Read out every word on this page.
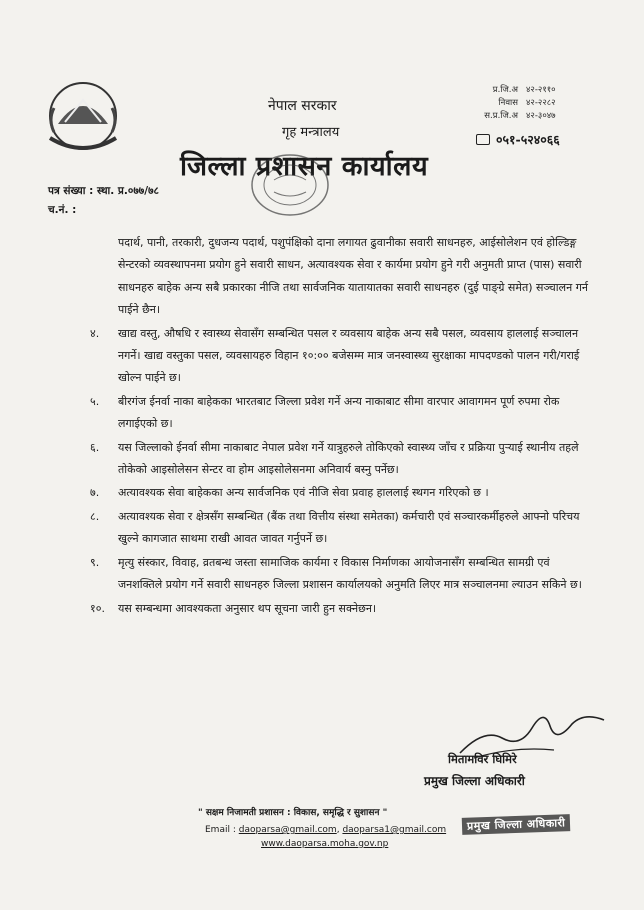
नेपाल सरकार
गृह मन्त्रालय
जिल्ला प्रशासन कार्यालय
प्र.जि.अ ४२-२११०
निवास ४२-२२८२
स.प्र.जि.अ ४२-३०४७
०५१-५२४०६६
पत्र संख्या : स्था. प्र.०७७/७८
च.नं. :

पदार्थ, पानी, तरकारी, दुधजन्य पदार्थ, पशुपंक्षिको दाना लगायत ढुवानीका सवारी साधनहरु, आईसोलेशन एवं होल्डिङ्ग सेन्टरको व्यवस्थापनमा प्रयोग हुने सवारी साधन, अत्यावश्यक सेवा र कार्यमा प्रयोग हुने गरी अनुमती प्राप्त (पास) सवारी साधनहरु बाहेक अन्य सबै प्रकारका नीजि तथा सार्वजनिक यातायातका सवारी साधनहरु (दुई पाङ्ग्रे समेत) सञ्चालन गर्न पाईने छैन।

४.	खाद्य वस्तु, औषधि र स्वास्थ्य सेवासँग सम्बन्धित पसल र व्यवसाय बाहेक अन्य सबै पसल, व्यवसाय हाललाई सञ्चालन नगर्ने। खाद्य वस्तुका पसल, व्यवसायहरु विहान १०:०० बजेसम्म मात्र जनस्वास्थ्य सुरक्षाका मापदण्डको पालन गरी/गराई खोल्न पाईने छ।
५.	बीरगंज ईनर्वा नाका बाहेकका भारतबाट जिल्ला प्रवेश गर्ने अन्य नाकाबाट सीमा वारपार आवागमन पूर्ण रुपमा रोक लगाईएको छ।
६.	यस जिल्लाको ईनर्वा सीमा नाकाबाट नेपाल प्रवेश गर्ने यात्रुहरुले तोकिएको स्वास्थ्य जाँच र प्रक्रिया पुऱ्याई स्थानीय तहले तोकेको आइसोलेसन सेन्टर वा होम आइसोलेसनमा अनिवार्य बस्नु पर्नेछ।
७.	अत्यावश्यक सेवा बाहेकका अन्य सार्वजनिक एवं नीजि सेवा प्रवाह हाललाई स्थगन गरिएको छ ।
८.	अत्यावश्यक सेवा र क्षेत्रसँग सम्बन्धित (बैंक तथा वित्तीय संस्था समेतका) कर्मचारी एवं सञ्चारकर्मीहरुले आफ्नो परिचय खुल्ने कागजात साथमा राखी आवत जावत गर्नुपर्ने छ।
९.	मृत्यु संस्कार, विवाह, व्रतबन्ध जस्ता सामाजिक कार्यमा र विकास निर्माणका आयोजनासँग सम्बन्धित सामग्री एवं जनशक्तिले प्रयोग गर्ने सवारी साधनहरु जिल्ला प्रशासन कार्यालयको अनुमति लिएर मात्र सञ्चालनमा ल्याउन सकिने छ।
१०.	यस सम्बन्धमा आवश्यकता अनुसार थप सूचना जारी हुन सक्नेछन।
मितामविर घिमिरे
प्रमुख जिल्ला अधिकारी
" सक्षम निजामती प्रशासन : विकास, समृद्धि र सुशासन "
Email : daoparsa@gmail.com, daoparsa1@gmail.com
www.daoparsa.moha.gov.np
प्रमुख जिल्ला अधिकारी
